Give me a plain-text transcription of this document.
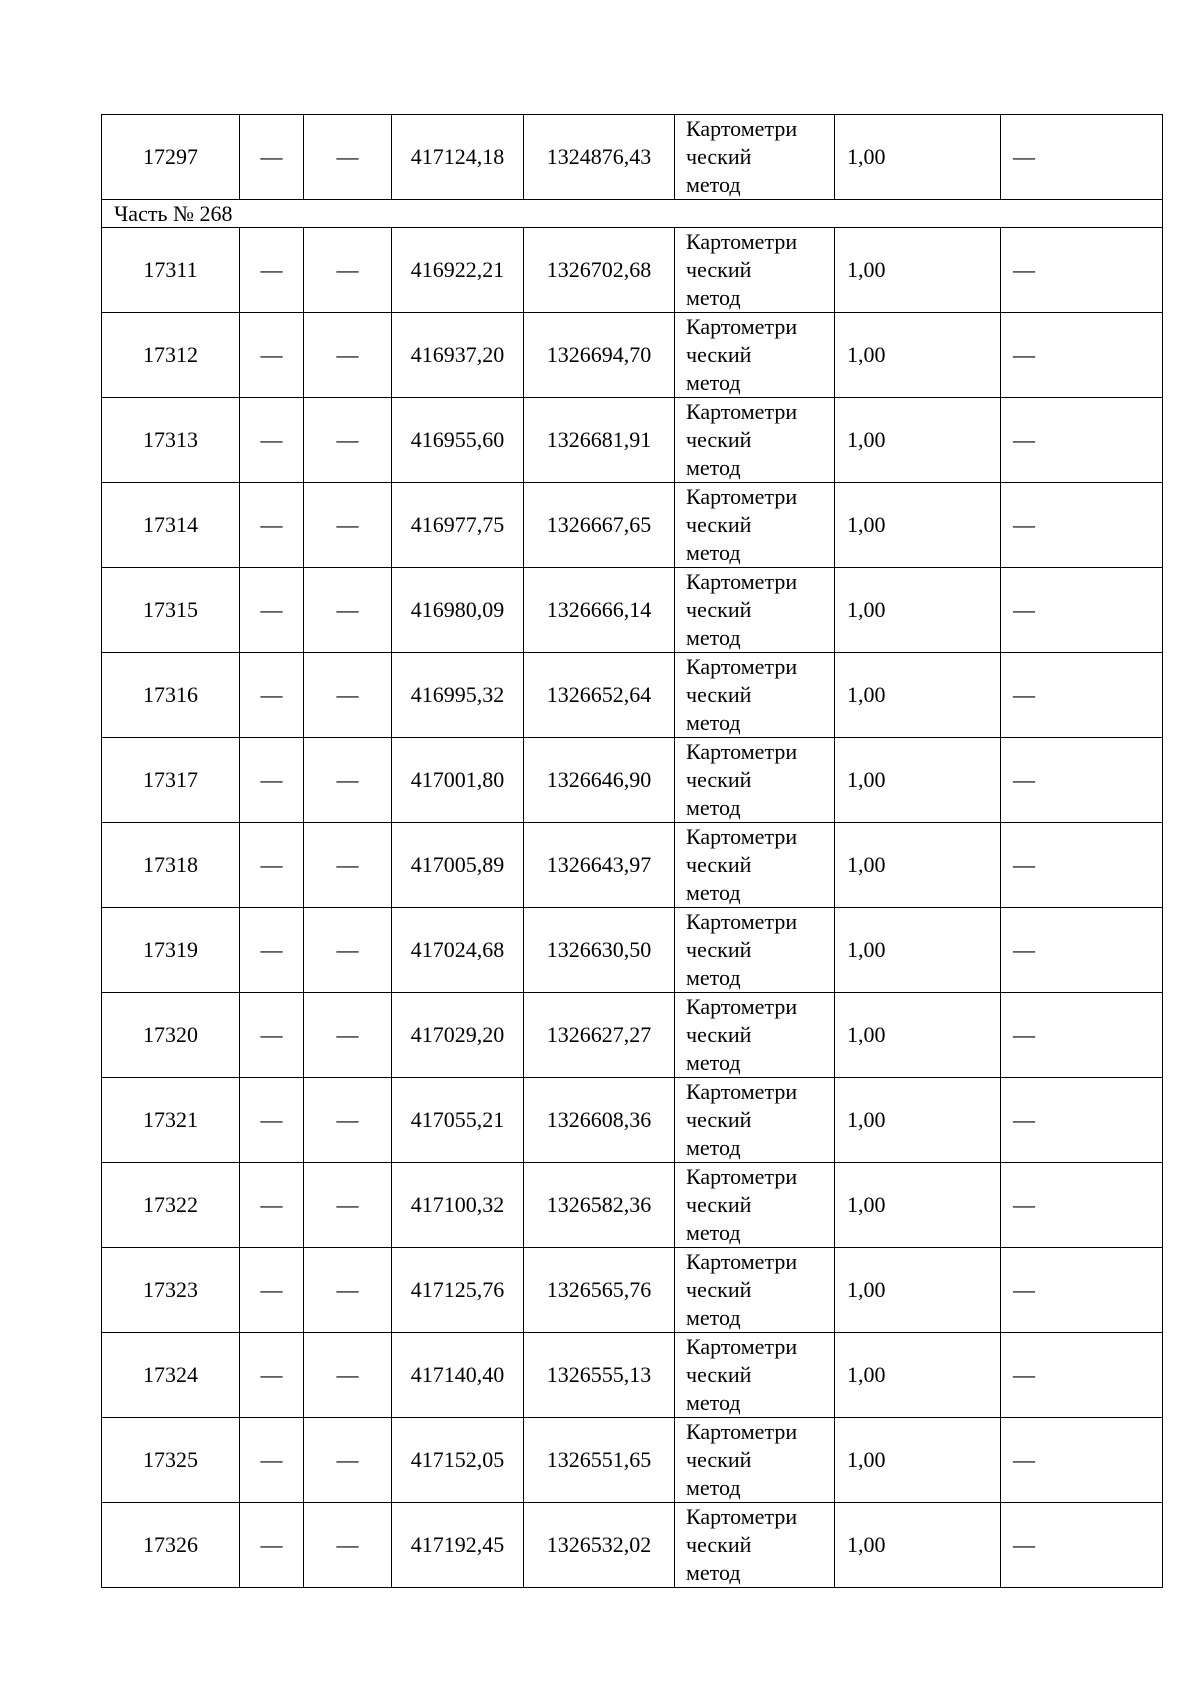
17297	—	—	417124,18	1324876,43	Картометри
ческий
метод	1,00	—
Часть № 268							
17311	—	—	416922,21	1326702,68	Картометри
ческий
метод	1,00	—
17312	—	—	416937,20	1326694,70	Картометри
ческий
метод	1,00	—
17313	—	—	416955,60	1326681,91	Картометри
ческий
метод	1,00	—
17314	—	—	416977,75	1326667,65	Картометри
ческий
метод	1,00	—
17315	—	—	416980,09	1326666,14	Картометри
ческий
метод	1,00	—
17316	—	—	416995,32	1326652,64	Картометри
ческий
метод	1,00	—
17317	—	—	417001,80	1326646,90	Картометри
ческий
метод	1,00	—
17318	—	—	417005,89	1326643,97	Картометри
ческий
метод	1,00	—
17319	—	—	417024,68	1326630,50	Картометри
ческий
метод	1,00	—
17320	—	—	417029,20	1326627,27	Картометри
ческий
метод	1,00	—
17321	—	—	417055,21	1326608,36	Картометри
ческий
метод	1,00	—
17322	—	—	417100,32	1326582,36	Картометри
ческий
метод	1,00	—
17323	—	—	417125,76	1326565,76	Картометри
ческий
метод	1,00	—
17324	—	—	417140,40	1326555,13	Картометри
ческий
метод	1,00	—
17325	—	—	417152,05	1326551,65	Картометри
ческий
метод	1,00	—
17326	—	—	417192,45	1326532,02	Картометри
ческий
метод	1,00	—
